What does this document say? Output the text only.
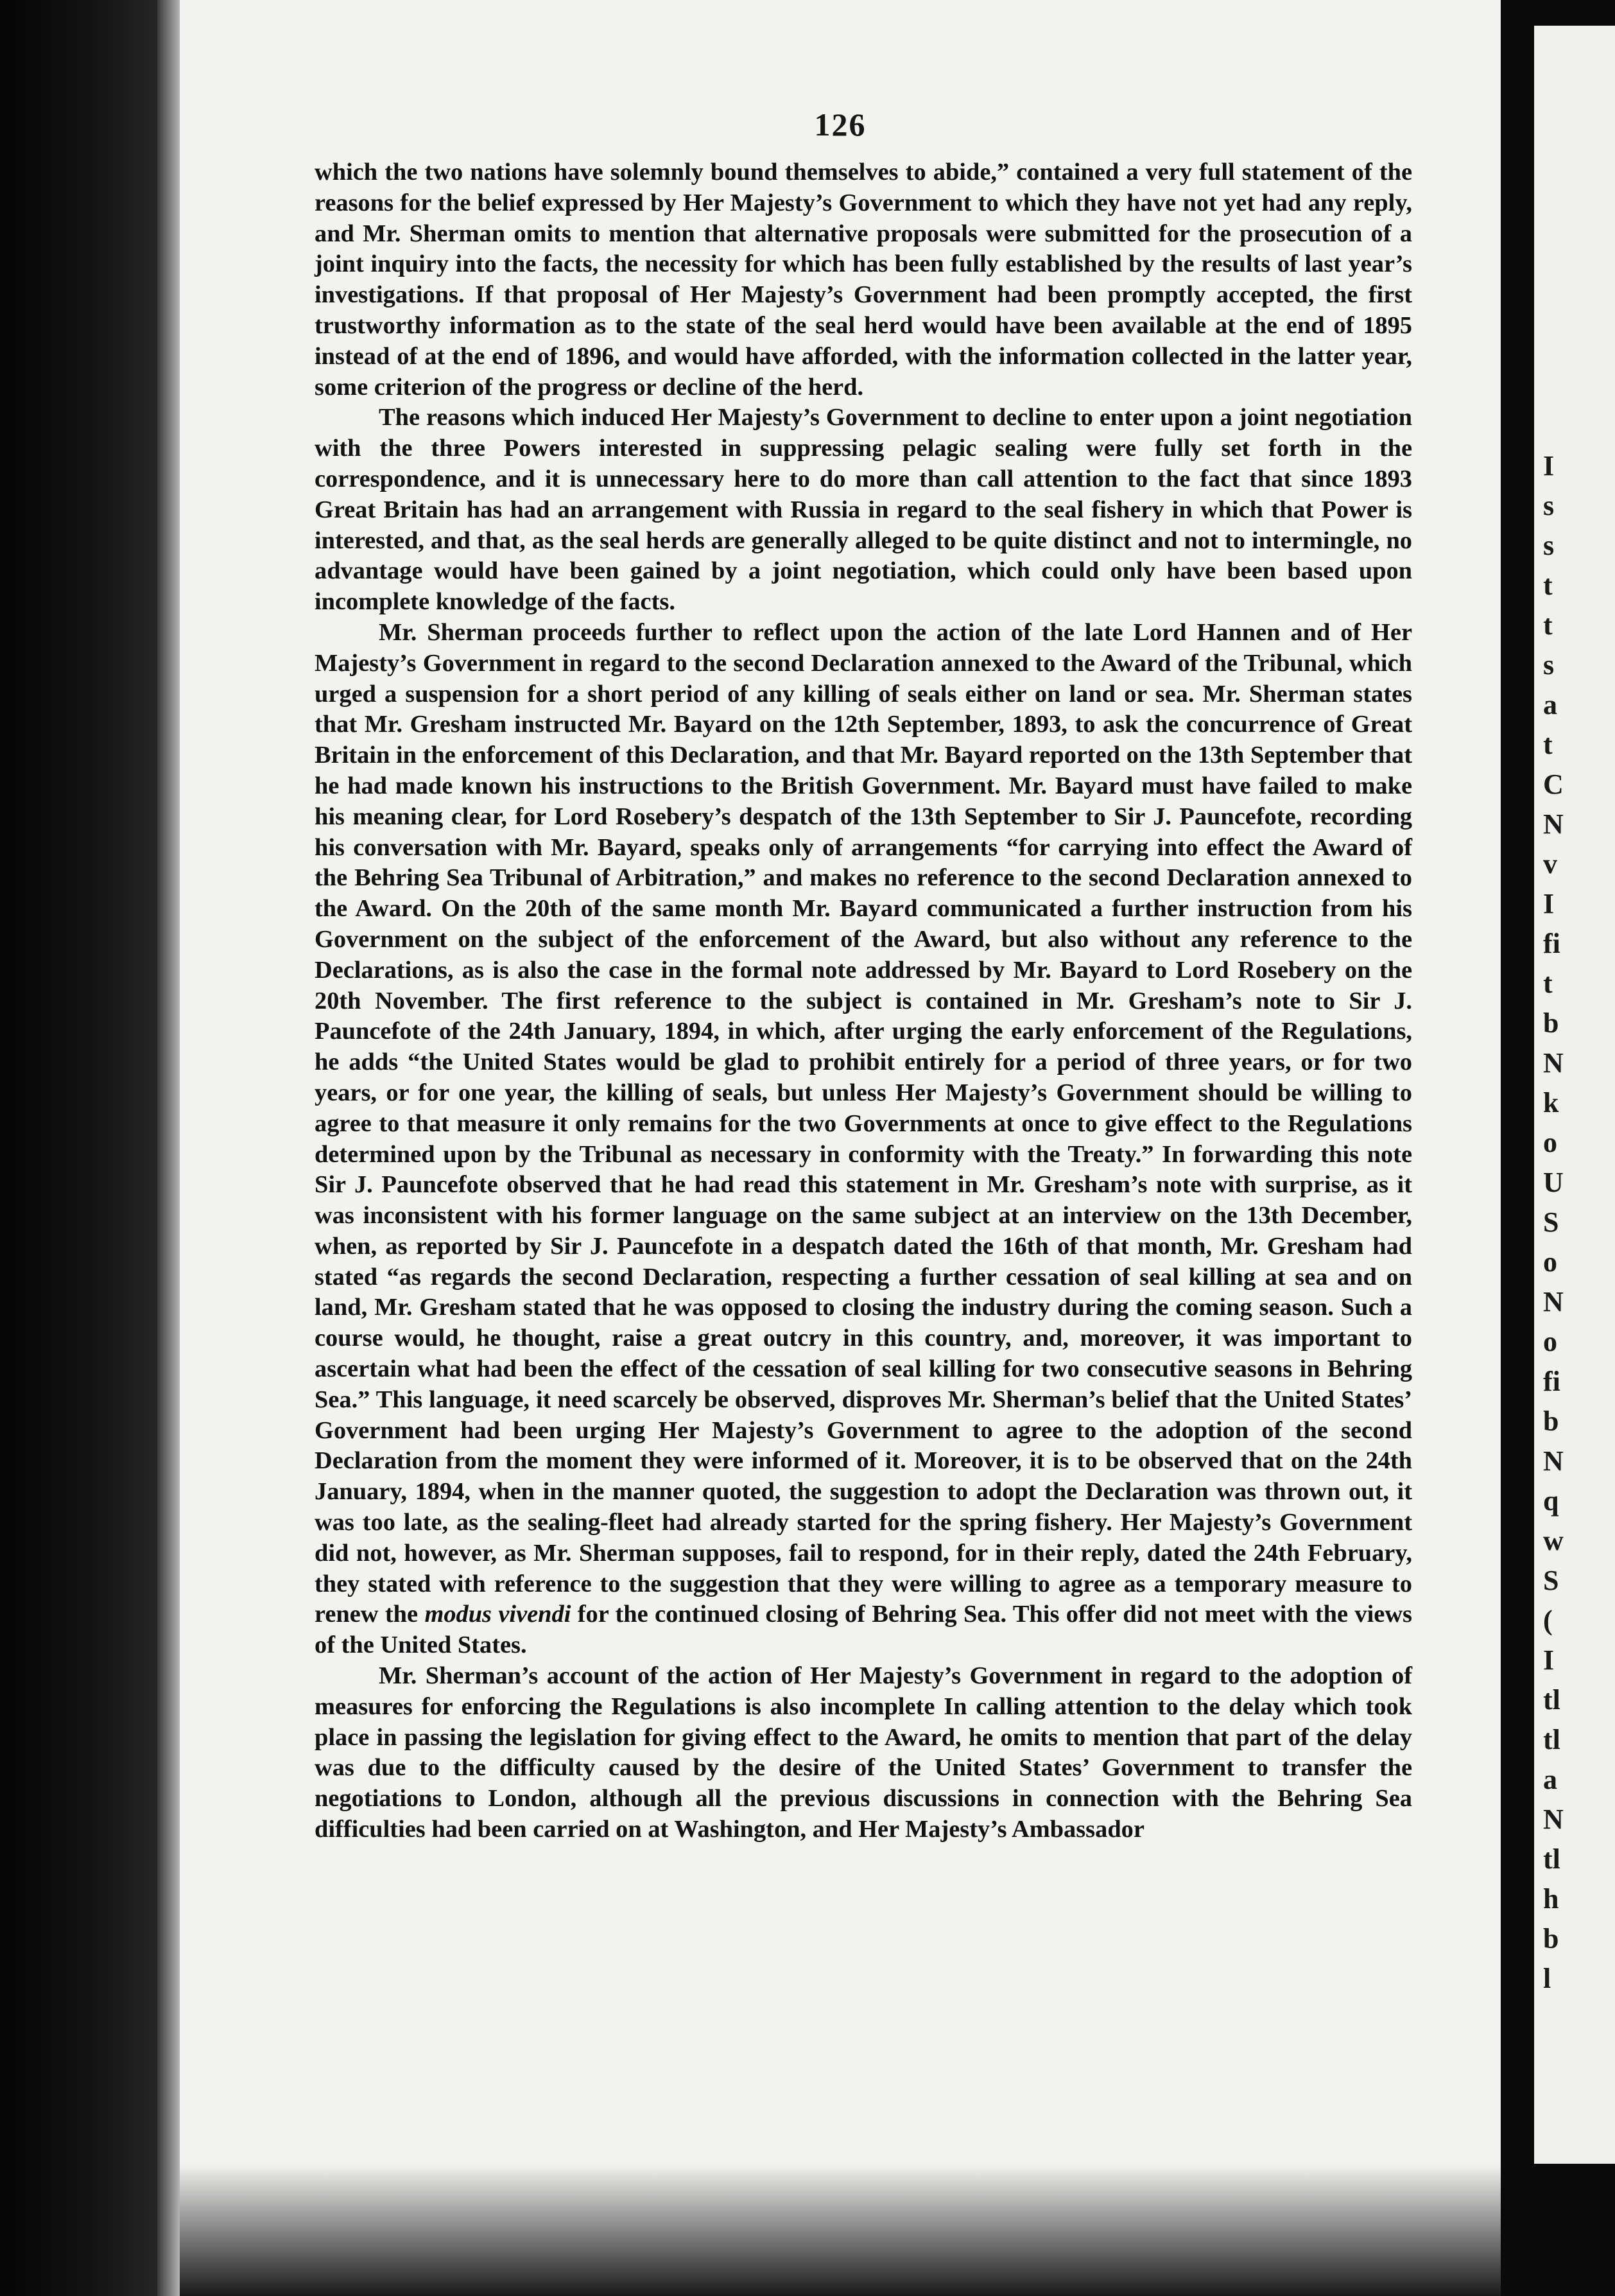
126

which the two nations have solemnly bound themselves to abide,” contained a very full statement of the reasons for the belief expressed by Her Majesty’s Government to which they have not yet had any reply, and Mr. Sherman omits to mention that alternative proposals were submitted for the prosecution of a joint inquiry into the facts, the necessity for which has been fully established by the results of last year’s investigations. If that proposal of Her Majesty’s Government had been promptly accepted, the first trustworthy information as to the state of the seal herd would have been available at the end of 1895 instead of at the end of 1896, and would have afforded, with the information collected in the latter year, some criterion of the progress or decline of the herd.

The reasons which induced Her Majesty’s Government to decline to enter upon a joint negotiation with the three Powers interested in suppressing pelagic sealing were fully set forth in the correspondence, and it is unnecessary here to do more than call attention to the fact that since 1893 Great Britain has had an arrangement with Russia in regard to the seal fishery in which that Power is interested, and that, as the seal herds are generally alleged to be quite distinct and not to intermingle, no advantage would have been gained by a joint negotiation, which could only have been based upon incomplete knowledge of the facts.

Mr. Sherman proceeds further to reflect upon the action of the late Lord Hannen and of Her Majesty’s Government in regard to the second Declaration annexed to the Award of the Tribunal, which urged a suspension for a short period of any killing of seals either on land or sea. Mr. Sherman states that Mr. Gresham instructed Mr. Bayard on the 12th September, 1893, to ask the concurrence of Great Britain in the enforcement of this Declaration, and that Mr. Bayard reported on the 13th September that he had made known his instructions to the British Government. Mr. Bayard must have failed to make his meaning clear, for Lord Rosebery’s despatch of the 13th September to Sir J. Pauncefote, recording his conversation with Mr. Bayard, speaks only of arrangements “for carrying into effect the Award of the Behring Sea Tribunal of Arbitration,” and makes no reference to the second Declaration annexed to the Award. On the 20th of the same month Mr. Bayard communicated a further instruction from his Government on the subject of the enforcement of the Award, but also without any reference to the Declarations, as is also the case in the formal note addressed by Mr. Bayard to Lord Rosebery on the 20th November. The first reference to the subject is contained in Mr. Gresham’s note to Sir J. Pauncefote of the 24th January, 1894, in which, after urging the early enforcement of the Regulations, he adds “the United States would be glad to prohibit entirely for a period of three years, or for two years, or for one year, the killing of seals, but unless Her Majesty’s Government should be willing to agree to that measure it only remains for the two Governments at once to give effect to the Regulations determined upon by the Tribunal as necessary in conformity with the Treaty.” In forwarding this note Sir J. Pauncefote observed that he had read this statement in Mr. Gresham’s note with surprise, as it was inconsistent with his former language on the same subject at an interview on the 13th December, when, as reported by Sir J. Pauncefote in a despatch dated the 16th of that month, Mr. Gresham had stated “as regards the second Declaration, respecting a further cessation of seal killing at sea and on land, Mr. Gresham stated that he was opposed to closing the industry during the coming season. Such a course would, he thought, raise a great outcry in this country, and, moreover, it was important to ascertain what had been the effect of the cessation of seal killing for two consecutive seasons in Behring Sea.” This language, it need scarcely be observed, disproves Mr. Sherman’s belief that the United States’ Government had been urging Her Majesty’s Government to agree to the adoption of the second Declaration from the moment they were informed of it. Moreover, it is to be observed that on the 24th January, 1894, when in the manner quoted, the suggestion to adopt the Declaration was thrown out, it was too late, as the sealing-fleet had already started for the spring fishery. Her Majesty’s Government did not, however, as Mr. Sherman supposes, fail to respond, for in their reply, dated the 24th February, they stated with reference to the suggestion that they were willing to agree as a temporary measure to renew the modus vivendi for the continued closing of Behring Sea. This offer did not meet with the views of the United States.

Mr. Sherman’s account of the action of Her Majesty’s Government in regard to the adoption of measures for enforcing the Regulations is also incomplete In calling attention to the delay which took place in passing the legislation for giving effect to the Award, he omits to mention that part of the delay was due to the difficulty caused by the desire of the United States’ Government to transfer the negotiations to London, although all the previous discussions in connection with the Behring Sea difficulties had been carried on at Washington, and Her Majesty’s Ambassador

I
s
s
t
t
s
a
t
C
N
v
I
fi
t
b
N
k
o
U
S
o
N
o
fi
b
N
q
w
S
(
I
tl
tl
a
N
tl
h
b
l
